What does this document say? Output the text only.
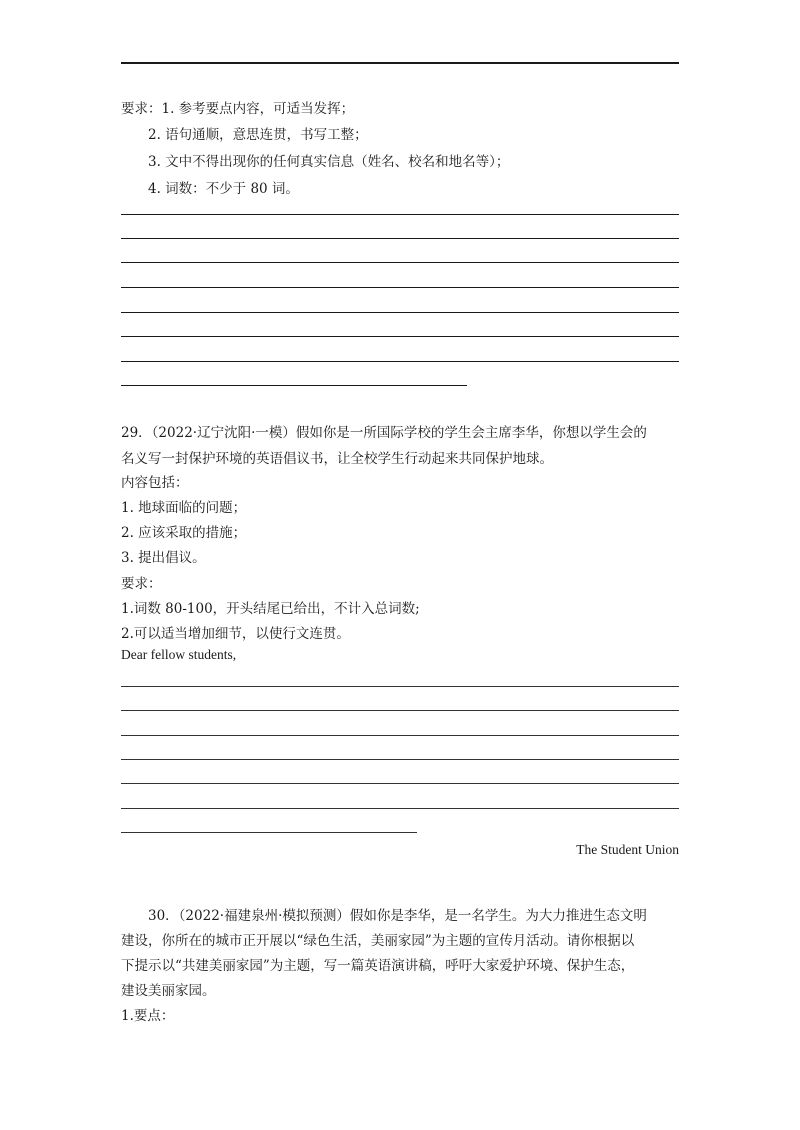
要求：1. 参考要点内容，可适当发挥；
2. 语句通顺，意思连贯，书写工整；
3. 文中不得出现你的任何真实信息（姓名、校名和地名等）；
4. 词数：不少于 80 词。
29．（2022·辽宁沈阳·一模）假如你是一所国际学校的学生会主席李华，你想以学生会的
名义写一封保护环境的英语倡议书，让全校学生行动起来共同保护地球。
内容包括：
1. 地球面临的问题；
2. 应该采取的措施；
3. 提出倡议。
要求：
1.词数 80-100，开头结尾已给出，不计入总词数;
2.可以适当增加细节，以使行文连贯。
Dear fellow students,
The Student Union
30．（2022·福建泉州·模拟预测）假如你是李华，是一名学生。为大力推进生态文明
建设，你所在的城市正开展以“绿色生活，美丽家园”为主题的宣传月活动。请你根据以
下提示以“共建美丽家园”为主题，写一篇英语演讲稿，呼吁大家爱护环境、保护生态，
建设美丽家园。
1.要点：
